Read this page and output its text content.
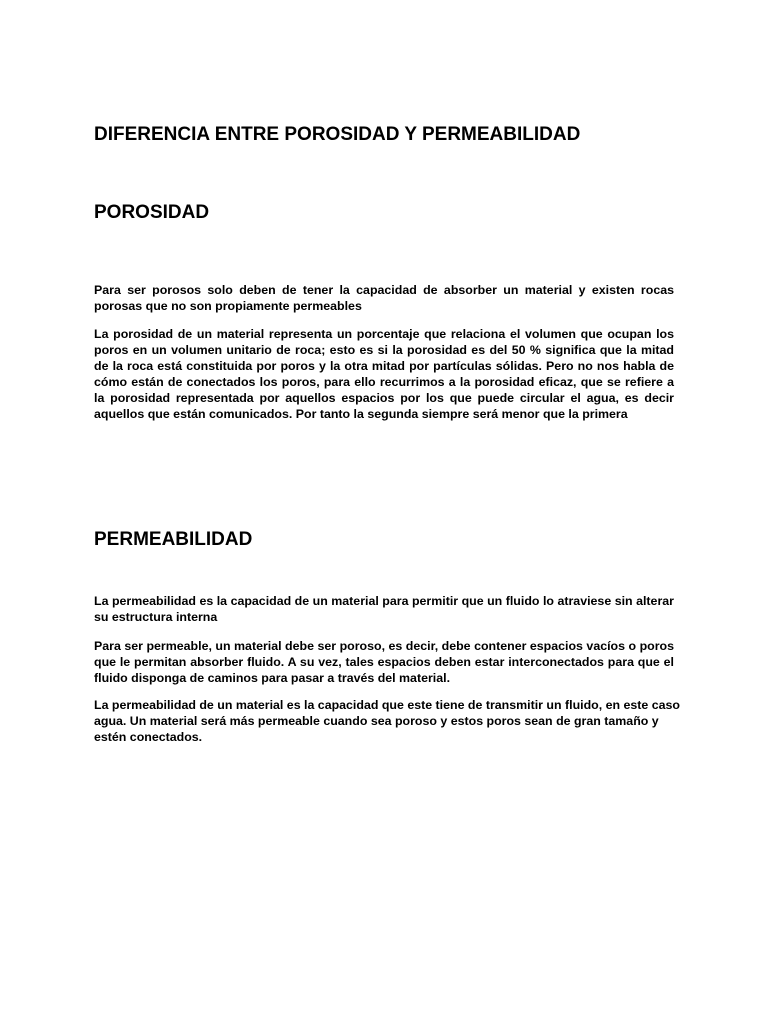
DIFERENCIA ENTRE POROSIDAD Y PERMEABILIDAD
POROSIDAD

Para ser porosos solo deben de tener la capacidad de absorber un material y existen rocas porosas que no son propiamente permeables

La porosidad de un material representa un porcentaje que relaciona el volumen que ocupan los poros en un volumen unitario de roca; esto es si la porosidad es del 50 % significa que la mitad de la roca está constituida por poros y la otra mitad por partículas sólidas. Pero no nos habla de cómo están de conectados los poros, para ello recurrimos a la porosidad eficaz, que se refiere a la porosidad representada por aquellos espacios por los que puede circular el agua, es decir aquellos que están comunicados. Por tanto la segunda siempre será menor que la primera

PERMEABILIDAD

La permeabilidad es la capacidad de un material para permitir que un fluido lo atraviese sin alterar su estructura interna

Para ser permeable, un material debe ser poroso, es decir, debe contener espacios vacíos o poros que le permitan absorber fluido. A su vez, tales espacios deben estar interconectados para que el fluido disponga de caminos para pasar a través del material.

La permeabilidad de un material es la capacidad que este tiene de transmitir un fluido, en este caso agua. Un material será más permeable cuando sea poroso y estos poros sean de gran tamaño y estén conectados.
